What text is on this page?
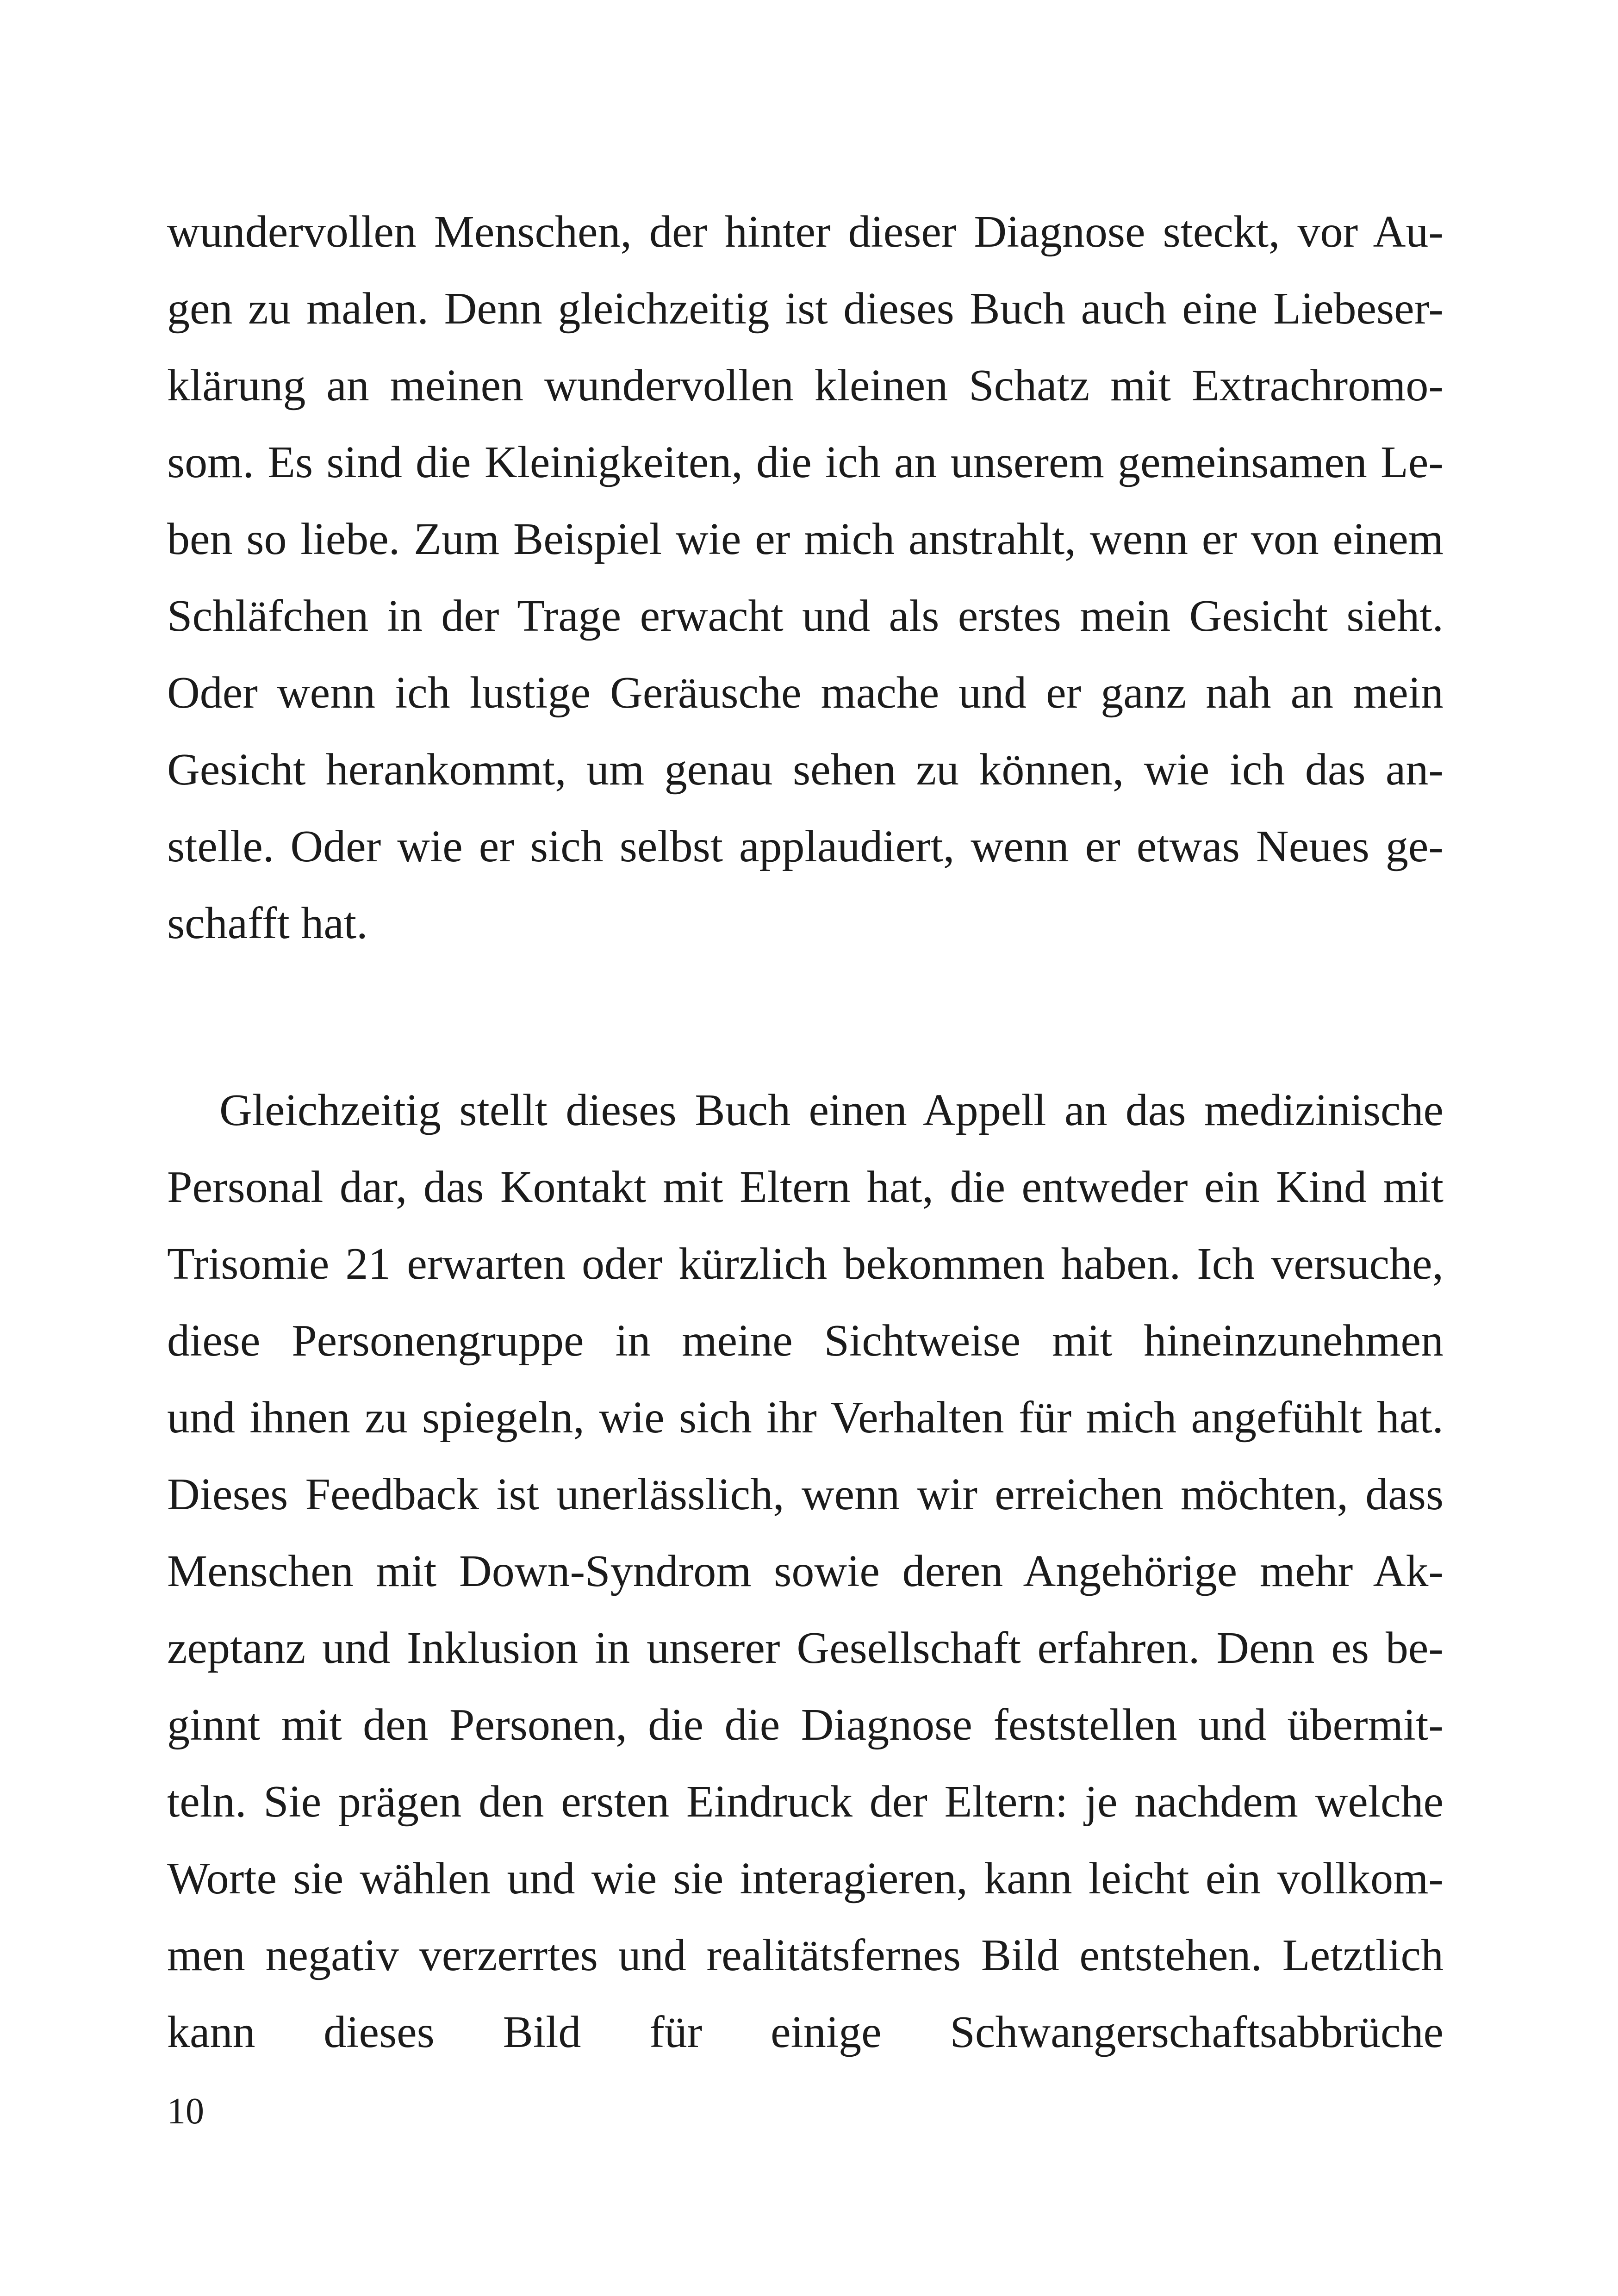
wundervollen Menschen, der hinter dieser Diagnose steckt, vor Au-
gen zu malen. Denn gleichzeitig ist dieses Buch auch eine Liebeser-
klärung an meinen wundervollen kleinen Schatz mit Extrachromo-
som. Es sind die Kleinigkeiten, die ich an unserem gemeinsamen Le-
ben so liebe. Zum Beispiel wie er mich anstrahlt, wenn er von einem
Schläfchen in der Trage erwacht und als erstes mein Gesicht sieht.
Oder wenn ich lustige Geräusche mache und er ganz nah an mein
Gesicht herankommt, um genau sehen zu können, wie ich das an-
stelle. Oder wie er sich selbst applaudiert, wenn er etwas Neues ge-
schafft hat.
Gleichzeitig stellt dieses Buch einen Appell an das medizinische
Personal dar, das Kontakt mit Eltern hat, die entweder ein Kind mit
Trisomie 21 erwarten oder kürzlich bekommen haben. Ich versuche,
diese Personengruppe in meine Sichtweise mit hineinzunehmen
und ihnen zu spiegeln, wie sich ihr Verhalten für mich angefühlt hat.
Dieses Feedback ist unerlässlich, wenn wir erreichen möchten, dass
Menschen mit Down-Syndrom sowie deren Angehörige mehr Ak-
zeptanz und Inklusion in unserer Gesellschaft erfahren. Denn es be-
ginnt mit den Personen, die die Diagnose feststellen und übermit-
teln. Sie prägen den ersten Eindruck der Eltern: je nachdem welche
Worte sie wählen und wie sie interagieren, kann leicht ein vollkom-
men negativ verzerrtes und realitätsfernes Bild entstehen. Letztlich
kann dieses Bild für einige Schwangerschaftsabbrüche
10
